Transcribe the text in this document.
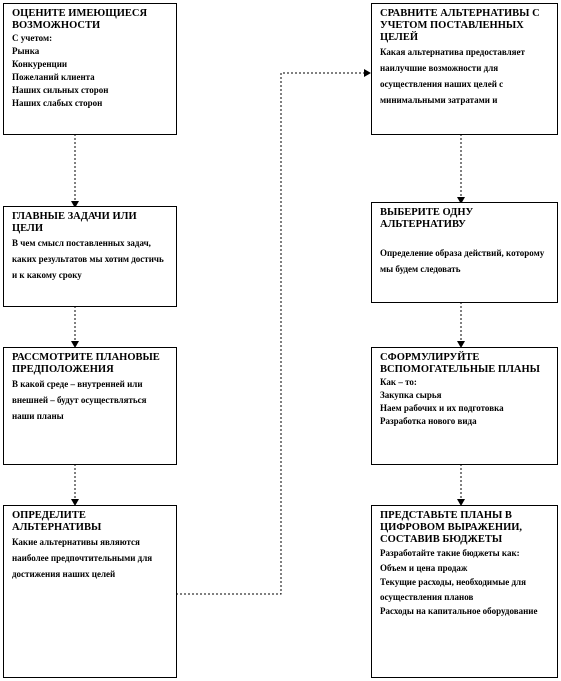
ОЦЕНИТЕ ИМЕЮЩИЕСЯ ВОЗМОЖНОСТИ
С учетом:
Рынка
Конкуренции
Пожеланий клиента
Наших сильных сторон
Наших слабых сторон
ГЛАВНЫЕ ЗАДАЧИ ИЛИ ЦЕЛИ
В чем смысл поставленных задач, каких результатов мы хотим достичь и к какому сроку
РАССМОТРИТЕ ПЛАНОВЫЕ ПРЕДПОЛОЖЕНИЯ
В какой среде – внутренней или внешней – будут осуществляться наши планы
ОПРЕДЕЛИТЕ АЛЬТЕРНАТИВЫ
Какие альтернативы являются наиболее предпочтительными для достижения наших целей
СРАВНИТЕ АЛЬТЕРНАТИВЫ С УЧЕТОМ ПОСТАВЛЕННЫХ ЦЕЛЕЙ
Какая альтернатива предоставляет наилучшие возможности для осуществления наших целей с минимальными затратами и
ВЫБЕРИТЕ ОДНУ АЛЬТЕРНАТИВУ
Определение образа действий, которому мы будем следовать
СФОРМУЛИРУЙТЕ ВСПОМОГАТЕЛЬНЫЕ ПЛАНЫ
Как – то:
Закупка сырья
Наем рабочих и их подготовка
Разработка нового вида
ПРЕДСТАВЬТЕ ПЛАНЫ В ЦИФРОВОМ ВЫРАЖЕНИИ, СОСТАВИВ БЮДЖЕТЫ
Разработайте такие бюджеты как:
Объем и цена продаж
Текущие расходы, необходимые для осуществления планов
Расходы на капитальное оборудование
